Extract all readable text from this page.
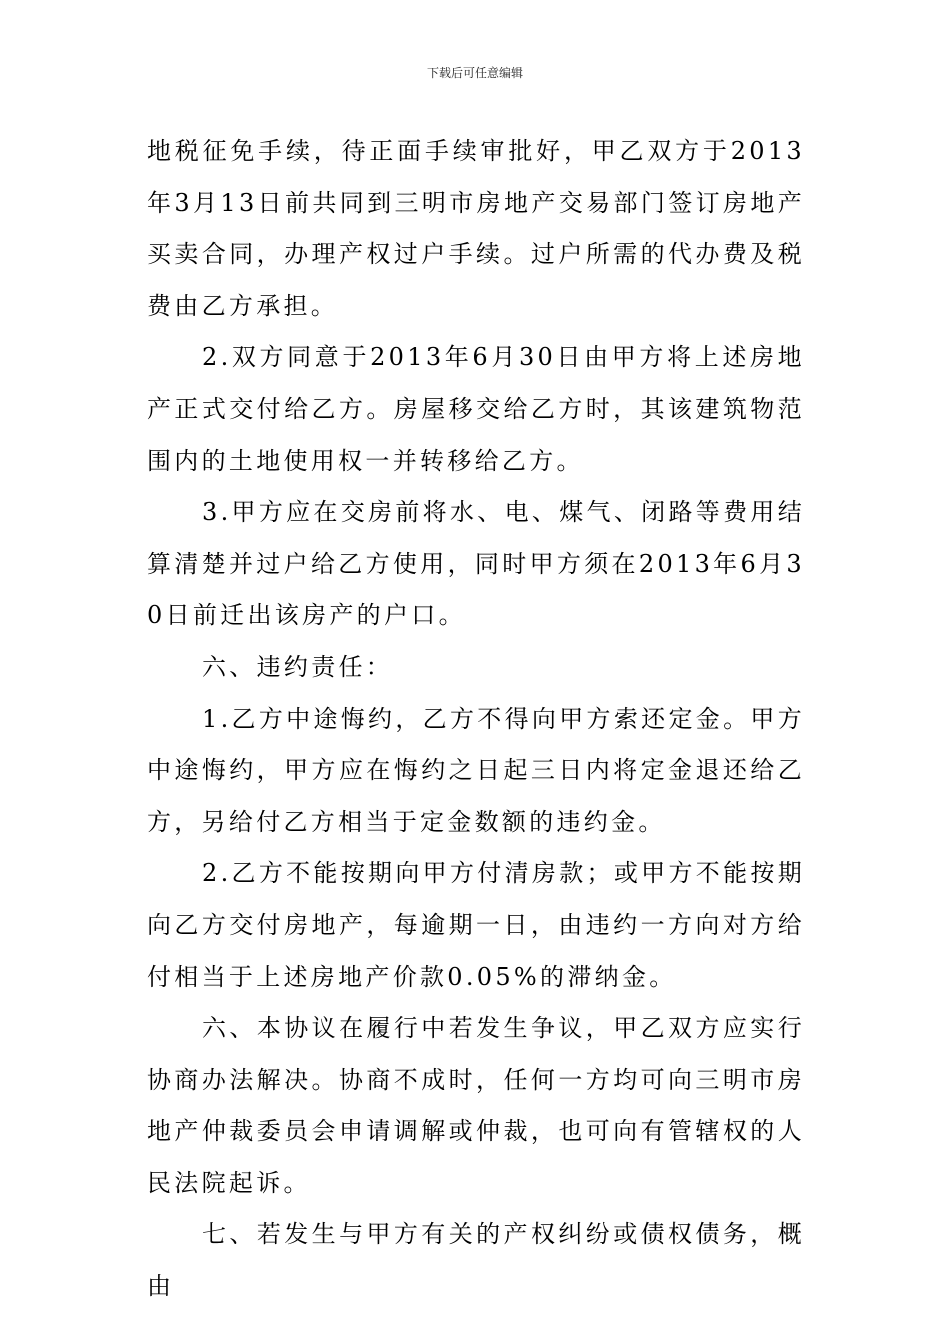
下载后可任意编辑

地税征免手续，待正面手续审批好，甲乙双方于2013年3月13日前共同到三明市房地产交易部门签订房地产买卖合同，办理产权过户手续。过户所需的代办费及税费由乙方承担。

2.双方同意于2013年6月30日由甲方将上述房地产正式交付给乙方。房屋移交给乙方时，其该建筑物范围内的土地使用权一并转移给乙方。

3.甲方应在交房前将水、电、煤气、闭路等费用结算清楚并过户给乙方使用，同时甲方须在2013年6月30日前迁出该房产的户口。

六、违约责任：

1.乙方中途悔约，乙方不得向甲方索还定金。甲方中途悔约，甲方应在悔约之日起三日内将定金退还给乙方，另给付乙方相当于定金数额的违约金。

2.乙方不能按期向甲方付清房款；或甲方不能按期向乙方交付房地产，每逾期一日，由违约一方向对方给付相当于上述房地产价款0.05%的滞纳金。

六、本协议在履行中若发生争议，甲乙双方应实行协商办法解决。协商不成时，任何一方均可向三明市房地产仲裁委员会申请调解或仲裁，也可向有管辖权的人民法院起诉。

七、若发生与甲方有关的产权纠纷或债权债务，概由
